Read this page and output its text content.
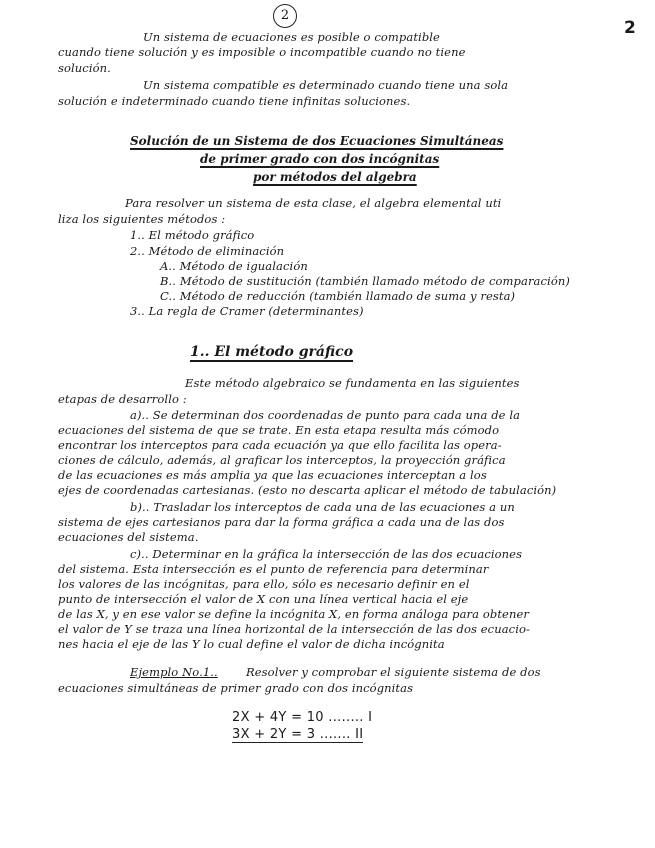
2
2
Un sistema de ecuaciones es posible o compatible
cuando tiene solución y es imposible o incompatible cuando no tiene
solución.
Un sistema compatible es determinado cuando tiene una sola
solución e indeterminado cuando tiene infinitas soluciones.
Solución de un Sistema de dos Ecuaciones Simultáneas
de primer grado con dos incógnitas
por métodos del algebra
Para resolver un sistema de esta clase, el algebra elemental uti
liza los siguientes métodos :
1.. El método gráfico
2.. Método de eliminación
A.. Método de igualación
B.. Método de sustitución (también llamado método de comparación)
C.. Método de reducción (también llamado de suma y resta)
3.. La regla de Cramer (determinantes)
1.. El método gráfico
Este método algebraico se fundamenta en las siguientes
etapas de desarrollo :
a).. Se determinan dos coordenadas de punto para cada una de la
ecuaciones del sistema de que se trate. En esta etapa resulta más cómodo
encontrar los interceptos para cada ecuación ya que ello facilita las opera-
ciones de cálculo, además, al graficar los interceptos, la proyección gráfica
de las ecuaciones es más amplia ya que las ecuaciones interceptan a los
ejes de coordenadas cartesianas. (esto no descarta aplicar el método de tabulación)
b).. Trasladar los interceptos de cada una de las ecuaciones a un
sistema de ejes cartesianos para dar la forma gráfica a cada una de las dos
ecuaciones del sistema.
c).. Determinar en la gráfica la intersección de las dos ecuaciones
del sistema. Esta intersección es el punto de referencia para determinar
los valores de las incógnitas, para ello, sólo es necesario definir en el
punto de intersección el valor de X con una línea vertical hacia el eje
de las X, y en ese valor se define la incógnita X, en forma análoga para obtener
el valor de Y se traza una línea horizontal de la intersección de las dos ecuacio-
nes hacia el eje de las Y lo cual define el valor de dicha incógnita
Ejemplo No.1.. Resolver y comprobar el siguiente sistema de dos
ecuaciones simultáneas de primer grado con dos incógnitas
2X + 4Y = 10 ........ I
3X + 2Y = 3 ....... II
